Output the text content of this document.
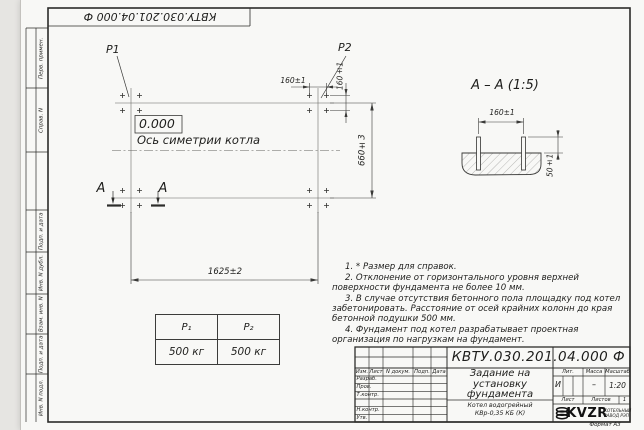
КВТУ.030.201.04.000 Ф
Перв. примен.
Справ. N
Подп. и дата
Инв. N дубл.
Взам. инв. N
Подп. и дата
Инв. N подл.
P1	P2
0.000
Ось симетрии котла
1625±2
660±3
160±1	160±1
А	А
А – А (1:5)
160±1
50±1

1. * Размер для справок.

2. Отклонение от горизонтального уровня верхней поверхности фундамента не более 10 мм.

3. В случае отсутствия бетонного пола площадку под котел забетонировать. Расстояние от осей крайних колонн до края бетонной подушки 500 мм.

4. Фундамент под котел разрабатывает проектная организация по нагрузкам на фундамент.

P₁	P₂
500 кг	500 кг	КВТУ.030.201.04.000 Ф
Задание на
установку
фундамента
Котел водогрейный
КВр-0,35 КБ (К)
Изм. Лист N докум. Подп. Дата
Разраб.
Пров.
Т.контр.
Н.контр.
Утв.
Лит.	Масса Масштаб
И	–	1:20
Лист	Листов	1
KVZR
КОТЕЛЬНЫЙ
ЗАВОД РЭП
Формат А3
